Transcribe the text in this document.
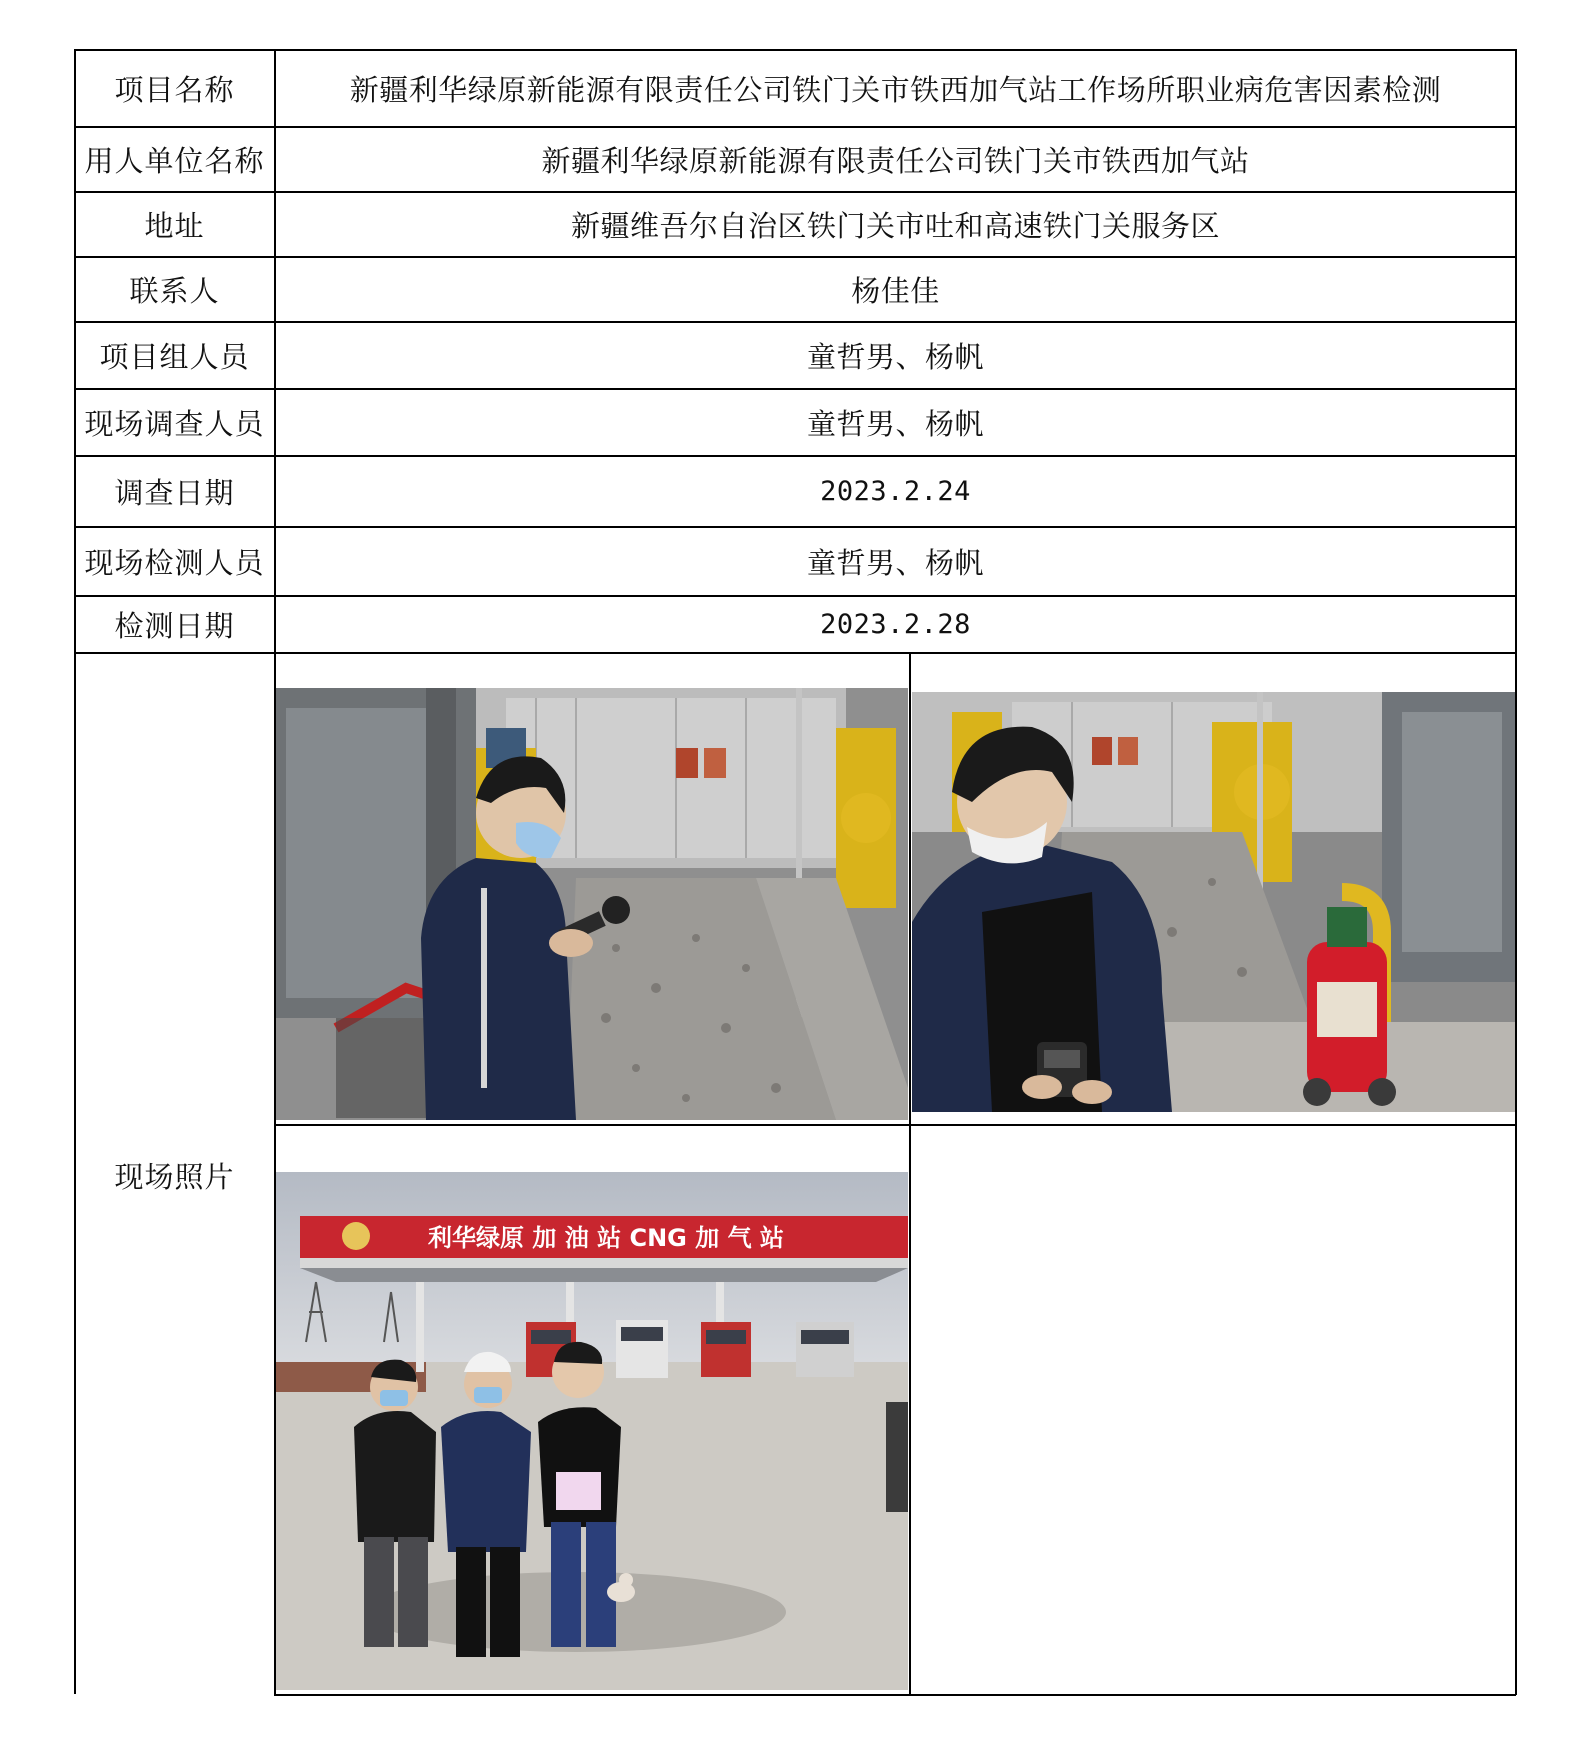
项目名称	新疆利华绿原新能源有限责任公司铁门关市铁西加气站工作场所职业病危害因素检测
用人单位名称	新疆利华绿原新能源有限责任公司铁门关市铁西加气站
地址	新疆维吾尔自治区铁门关市吐和高速铁门关服务区
联系人	杨佳佳
项目组人员	童哲男、杨帆
现场调查人员	童哲男、杨帆
调查日期	2023.2.24
现场检测人员	童哲男、杨帆
检测日期	2023.2.28
现场照片
利华绿原 加 油 站 CNG 加 气 站
